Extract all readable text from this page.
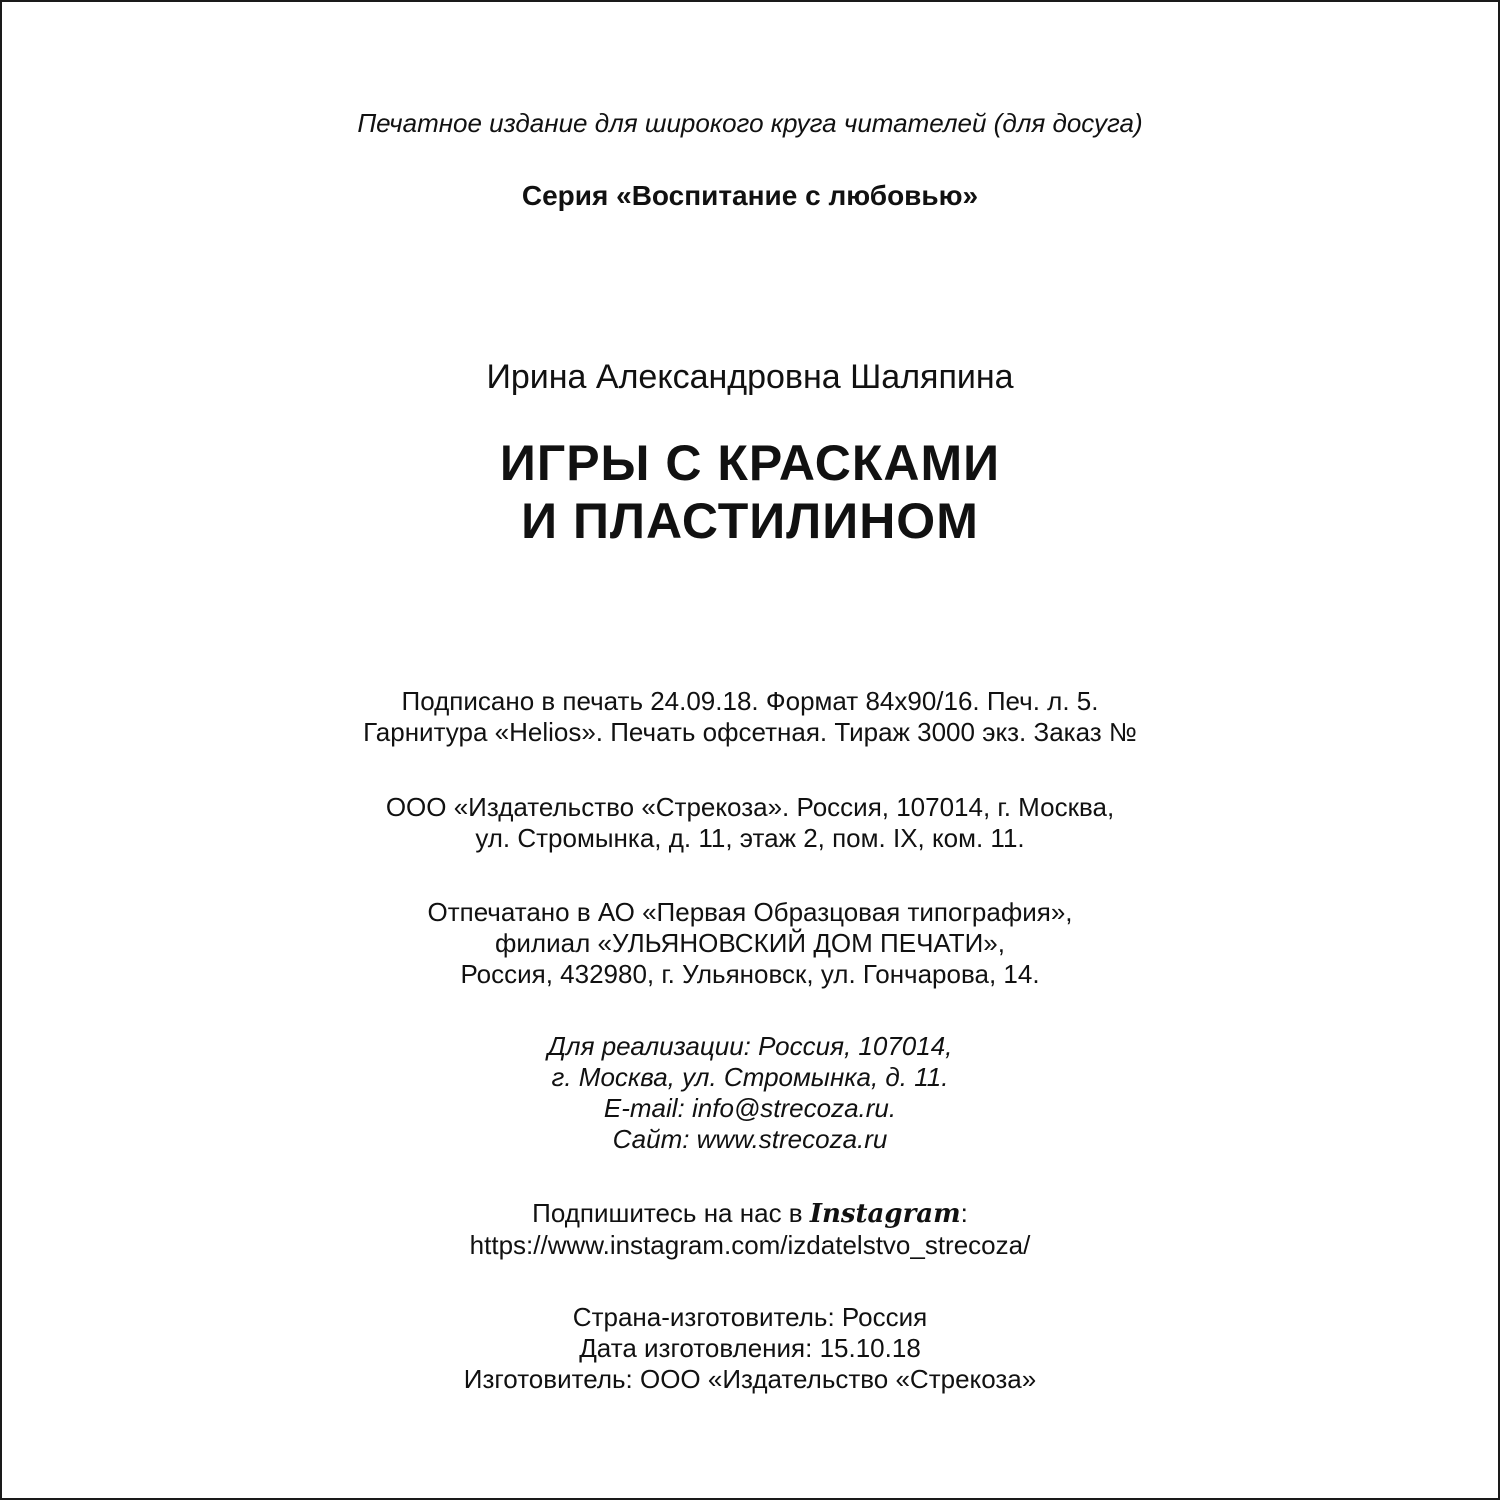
Печатное издание для широкого круга читателей (для досуга)

Серия «Воспитание с любовью»

Ирина Александровна Шаляпина

ИГРЫ С КРАСКАМИ
И ПЛАСТИЛИНОМ
Подписано в печать 24.09.18. Формат 84x90/16. Печ. л. 5.
Гарнитура «Helios». Печать офсетная. Тираж 3000 экз. Заказ №
ООО «Издательство «Стрекоза». Россия, 107014, г. Москва,
ул. Стромынка, д. 11, этаж 2, пом. IX, ком. 11.
Отпечатано в АО «Первая Образцовая типография»,
филиал «УЛЬЯНОВСКИЙ ДОМ ПЕЧАТИ»,
Россия, 432980, г. Ульяновск, ул. Гончарова, 14.
Для реализации: Россия, 107014,
г. Москва, ул. Стромынка, д. 11.
E-mail: info@strecoza.ru.
Сайт: www.strecoza.ru
Подпишитесь на нас в Instagram:
https://www.instagram.com/izdatelstvo_strecoza/
Страна-изготовитель: Россия
Дата изготовления: 15.10.18
Изготовитель: ООО «Издательство «Стрекоза»
